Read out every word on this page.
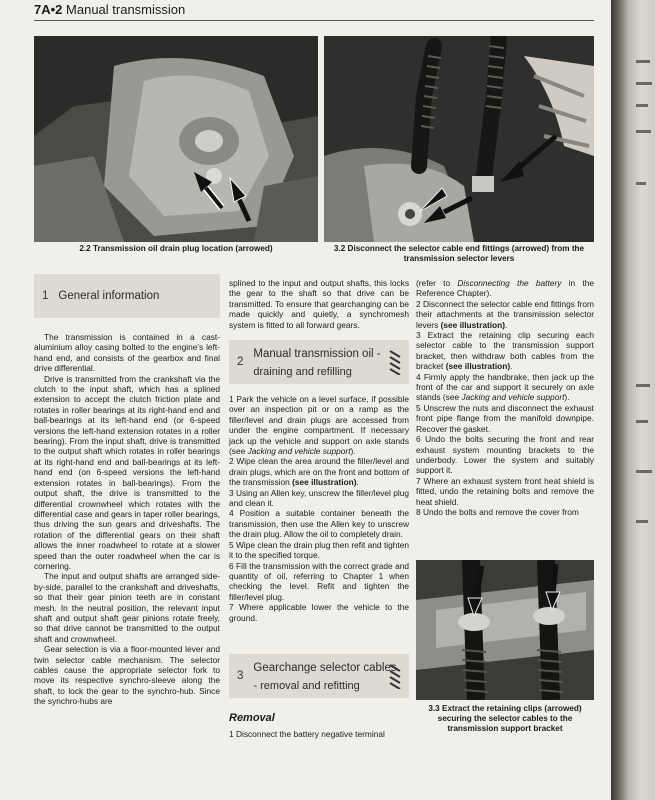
7A•2 Manual transmission
2.2 Transmission oil drain plug location (arrowed)	3.2 Disconnect the selector cable end fittings (arrowed) from the transmission selector levers
1 General information

The transmission is contained in a cast-aluminium alloy casing bolted to the engine's left-hand end, and consists of the gearbox and final drive differential.

Drive is transmitted from the crankshaft via the clutch to the input shaft, which has a splined extension to accept the clutch friction plate and rotates in roller bearings at its right-hand end and ball-bearings at its left-hand end (or 6-speed versions the left-hand extension rotates in a roller bearing). From the input shaft, drive is transmitted to the output shaft which rotates in roller bearings at its right-hand end and ball-bearings at its left-hand end (on 6-speed versions the left-hand extension rotates in ball-bearings). From the output shaft, the drive is transmitted to the differential crownwheel which rotates with the differential case and gears in taper roller bearings, thus driving the sun gears and driveshafts. The rotation of the differential gears on their shaft allows the inner roadwheel to rotate at a slower speed than the outer roadwheel when the car is cornering.

The input and output shafts are arranged side-by-side, parallel to the crankshaft and driveshafts, so that their gear pinion teeth are in constant mesh. In the neutral position, the relevant input shaft and output shaft gear pinions rotate freely, so that drive cannot be transmitted to the output shaft and crownwheel.

Gear selection is via a floor-mounted lever and twin selector cable mechanism. The selector cables cause the appropriate selector fork to move its respective synchro-sleeve along the shaft, to lock the gear to the synchro-hub. Since the synchro-hubs are

splined to the input and output shafts, this locks the gear to the shaft so that drive can be transmitted. To ensure that gearchanging can be made quickly and quietly, a synchromesh system is fitted to all forward gears.

2
Manual transmission oil -
draining and refilling

1 Park the vehicle on a level surface, if possible over an inspection pit or on a ramp as the filler/level and drain plugs are accessed from under the engine compartment. If necessary jack up the vehicle and support on axle stands (see Jacking and vehicle support).

2 Wipe clean the area around the filler/level and drain plugs, which are on the front and bottom of the transmission (see illustration).

3 Using an Allen key, unscrew the filler/level plug and clean it.

4 Position a suitable container beneath the transmission, then use the Allen key to unscrew the drain plug. Allow the oil to completely drain.

5 Wipe clean the drain plug then refit and tighten it to the specified torque.

6 Fill the transmission with the correct grade and quantity of oil, referring to Chapter 1 when checking the level. Refit and tighten the filler/level plug.

7 Where applicable lower the vehicle to the ground.

3
Gearchange selector cables
- removal and refitting
Removal

1 Disconnect the battery negative terminal

(refer to Disconnecting the battery in the Reference Chapter).

2 Disconnect the selector cable end fittings from their attachments at the transmission selector levers (see illustration).

3 Extract the retaining clip securing each selector cable to the transmission support bracket, then withdraw both cables from the bracket (see illustration).

4 Firmly apply the handbrake, then jack up the front of the car and support it securely on axle stands (see Jacking and vehicle support).

5 Unscrew the nuts and disconnect the exhaust front pipe flange from the manifold downpipe. Recover the gasket.

6 Undo the bolts securing the front and rear exhaust system mounting brackets to the underbody. Lower the system and suitably support it.

7 Where an exhaust system front heat shield is fitted, undo the retaining bolts and remove the heat shield.

8 Undo the bolts and remove the cover from

3.3 Extract the retaining clips (arrowed) securing the selector cables to the transmission support bracket
